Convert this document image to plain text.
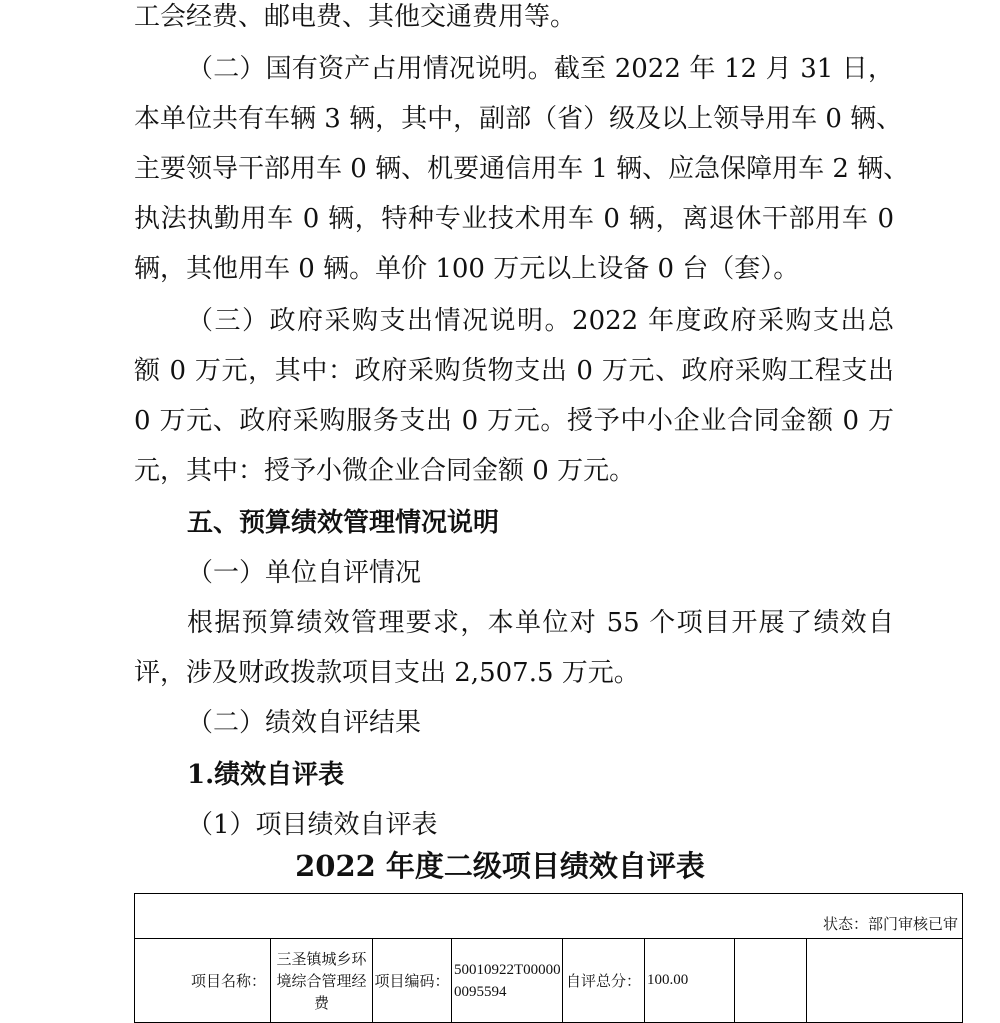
工会经费、邮电费、其他交通费用等。
（二）国有资产占用情况说明。截至 2022 年 12 月 31 日，
本单位共有车辆 3 辆，其中，副部（省）级及以上领导用车 0 辆、
主要领导干部用车 0 辆、机要通信用车 1 辆、应急保障用车 2 辆、
执法执勤用车 0 辆，特种专业技术用车 0 辆，离退休干部用车 0
辆，其他用车 0 辆。单价 100 万元以上设备 0 台（套）。
（三）政府采购支出情况说明。2022 年度政府采购支出总
额 0 万元，其中：政府采购货物支出 0 万元、政府采购工程支出
0 万元、政府采购服务支出 0 万元。授予中小企业合同金额 0 万
元，其中：授予小微企业合同金额 0 万元。
五、预算绩效管理情况说明
（一）单位自评情况
根据预算绩效管理要求，本单位对 55 个项目开展了绩效自
评，涉及财政拨款项目支出 2,507.5 万元。
（二）绩效自评结果
1.绩效自评表
（1）项目绩效自评表
2022 年度二级项目绩效自评表
状态：部门审核已审
项目名称：	三圣镇城乡环境综合管理经费	项目编码：	50010922T000000095594	自评总分：	100.00		
